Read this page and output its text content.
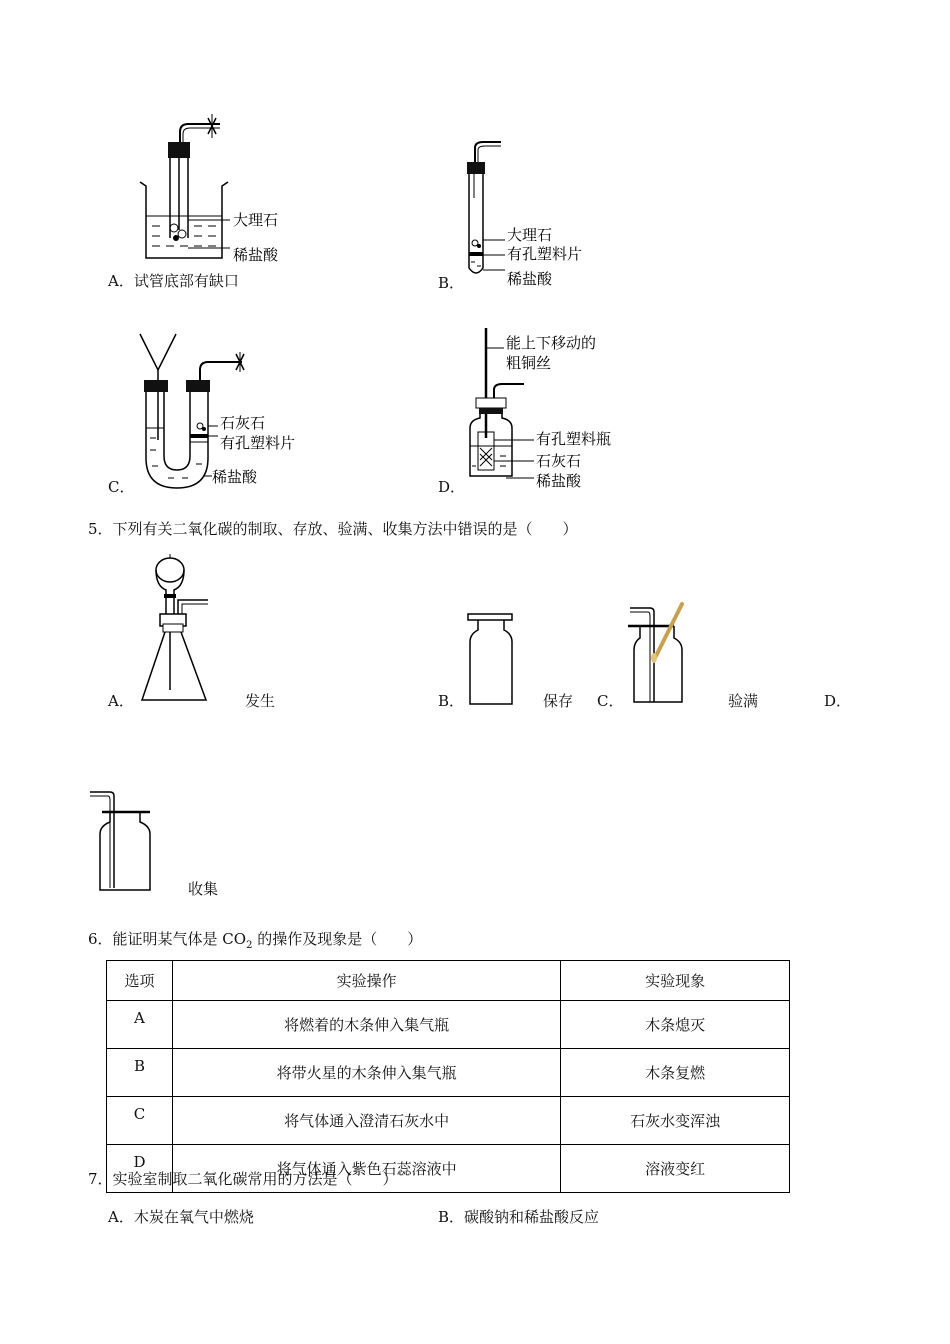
大理石
稀盐酸
A．试管底部有缺口
大理石
有孔塑料片
稀盐酸
B．
石灰石
有孔塑料片
稀盐酸
C．
能上下移动的
粗铜丝
有孔塑料瓶
石灰石
稀盐酸
D．
5．下列有关二氧化碳的制取、存放、验满、收集方法中错误的是（　　）
A．	发生	B．	保存 C．	验满	D．
收集
6．能证明某气体是 $CO_2$ 的操作及现象是（　　）
选项	实验操作	实验现象
A	将燃着的木条伸入集气瓶	木条熄灭
B	将带火星的木条伸入集气瓶	木条复燃
C	将气体通入澄清石灰水中	石灰水变浑浊
D	将气体通入紫色石蕊溶液中	溶液变红
7．实验室制取二氧化碳常用的方法是（　　）
A．木炭在氧气中燃烧	B．碳酸钠和稀盐酸反应
